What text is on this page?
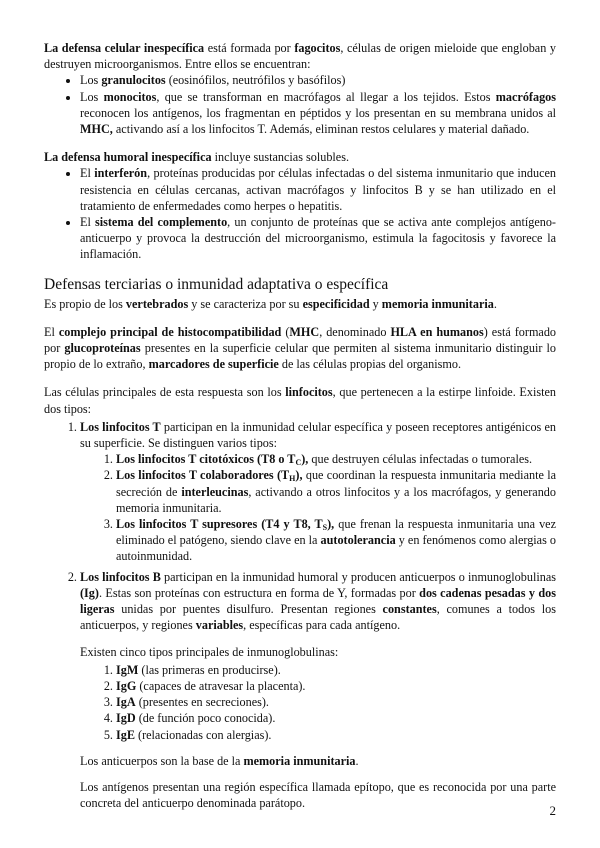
La defensa celular inespecífica está formada por fagocitos, células de origen mieloide que engloban y destruyen microorganismos. Entre ellos se encuentran:

• Los granulocitos (eosinófilos, neutrófilos y basófilos)
• Los monocitos, que se transforman en macrófagos al llegar a los tejidos. Estos macrófagos reconocen los antígenos, los fragmentan en péptidos y los presentan en su membrana unidos al MHC, activando así a los linfocitos T. Además, eliminan restos celulares y material dañado.

La defensa humoral inespecífica incluye sustancias solubles.

• El interferón, proteínas producidas por células infectadas o del sistema inmunitario que inducen resistencia en células cercanas, activan macrófagos y linfocitos B y se han utilizado en el tratamiento de enfermedades como herpes o hepatitis.
• El sistema del complemento, un conjunto de proteínas que se activa ante complejos antígeno-anticuerpo y provoca la destrucción del microorganismo, estimula la fagocitosis y favorece la inflamación.
Defensas terciarias o inmunidad adaptativa o específica

Es propio de los vertebrados y se caracteriza por su especificidad y memoria inmunitaria.

El complejo principal de histocompatibilidad (MHC, denominado HLA en humanos) está formado por glucoproteínas presentes en la superficie celular que permiten al sistema inmunitario distinguir lo propio de lo extraño, marcadores de superficie de las células propias del organismo.

Las células principales de esta respuesta son los linfocitos, que pertenecen a la estirpe linfoide. Existen dos tipos:

1. Los linfocitos T participan en la inmunidad celular específica y poseen receptores antigénicos en su superficie. Se distinguen varios tipos:
1. Los linfocitos T citotóxicos (T8 o $T_C$), que destruyen células infectadas o tumorales.
2. Los linfocitos T colaboradores $(T_H)$, que coordinan la respuesta inmunitaria mediante la secreción de interleucinas, activando a otros linfocitos y a los macrófagos, y generando memoria inmunitaria.
3. Los linfocitos T supresores (T4 y T8, $T_S$), que frenan la respuesta inmunitaria una vez eliminado el patógeno, siendo clave en la autotolerancia y en fenómenos como alergias o autoinmunidad.
2. Los linfocitos B participan en la inmunidad humoral y producen anticuerpos o inmunoglobulinas (Ig). Estas son proteínas con estructura en forma de Y, formadas por dos cadenas pesadas y dos ligeras unidas por puentes disulfuro. Presentan regiones constantes, comunes a todos los anticuerpos, y regiones variables, específicas para cada antígeno.
Existen cinco tipos principales de inmunoglobulinas:
1. IgM (las primeras en producirse).
2. IgG (capaces de atravesar la placenta).
3. IgA (presentes en secreciones).
4. IgD (de función poco conocida).
5. IgE (relacionadas con alergias).
Los anticuerpos son la base de la memoria inmunitaria.
Los antígenos presentan una región específica llamada epítopo, que es reconocida por una parte concreta del anticuerpo denominada parátopo.	2
